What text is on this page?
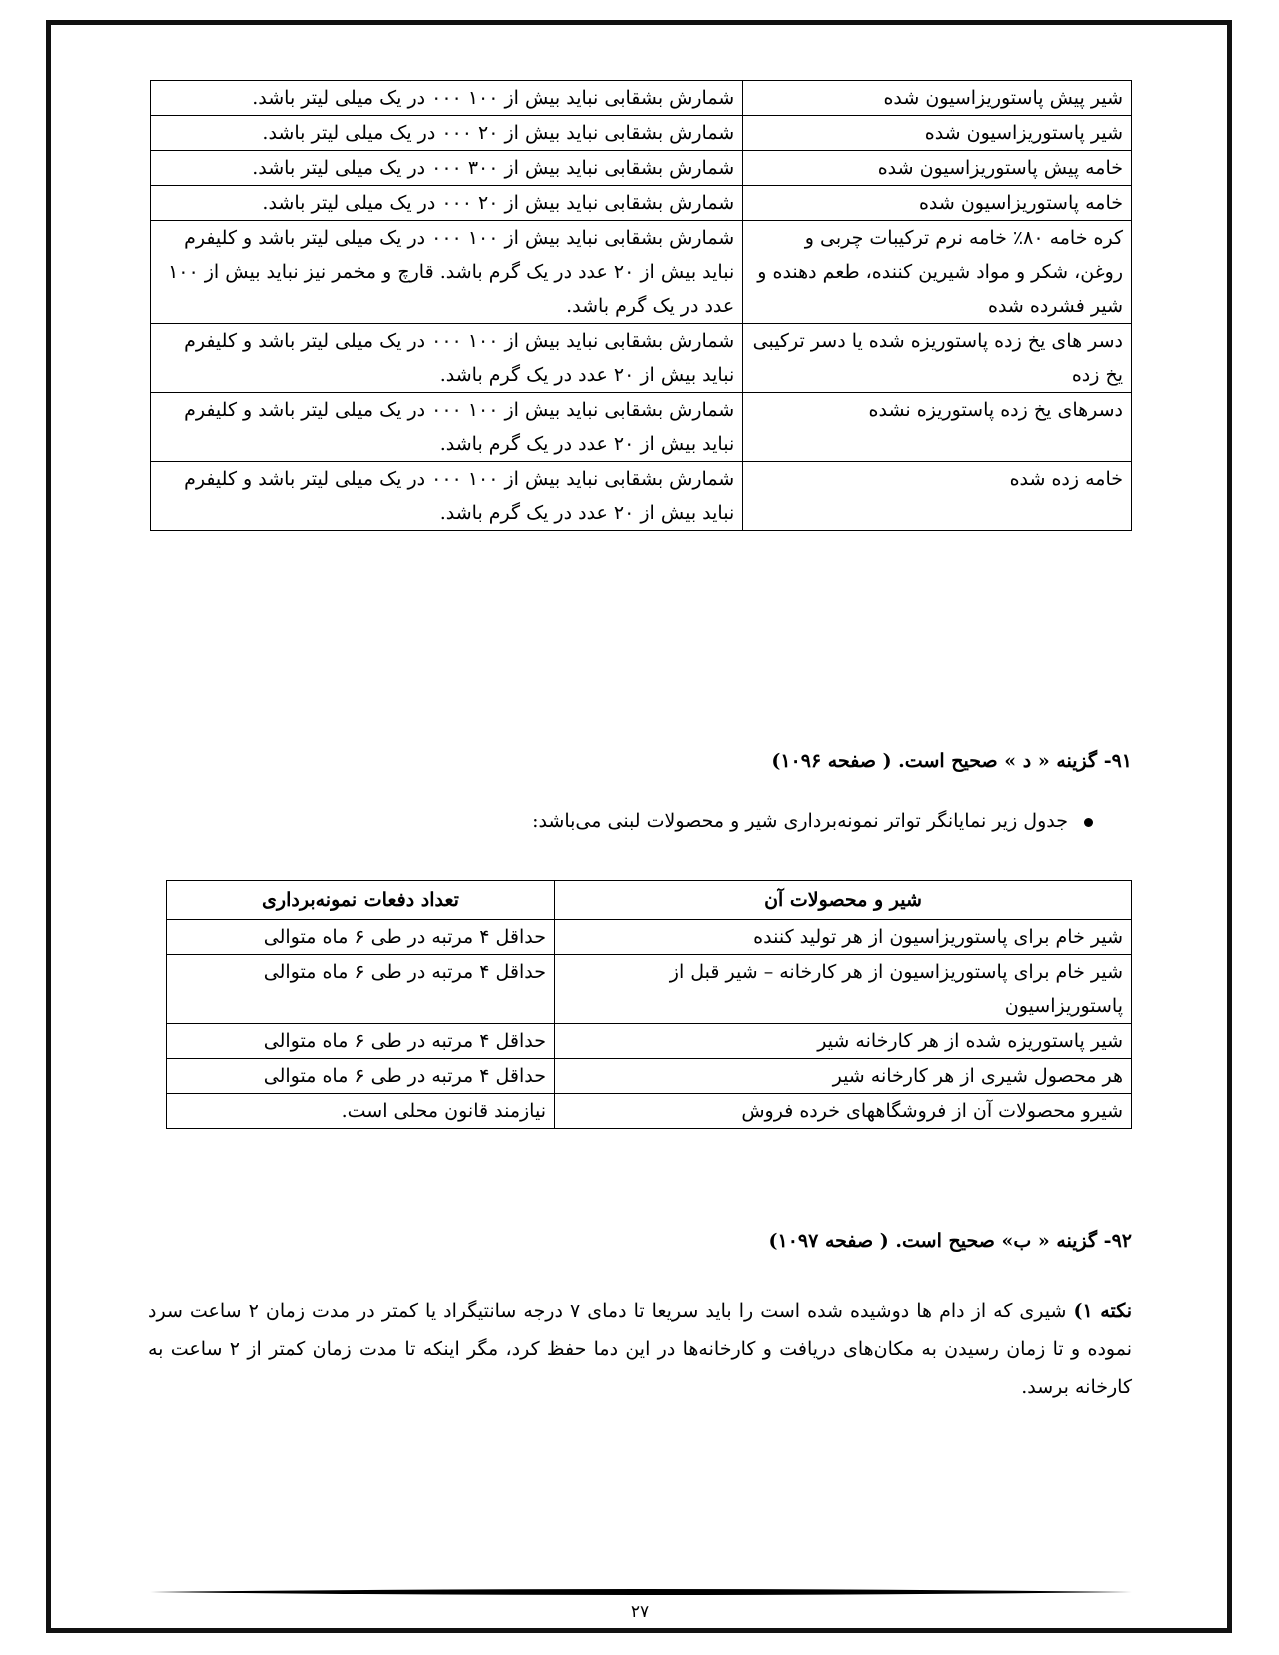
شیر پیش پاستوریزاسیون شده	شمارش بشقابی نباید بیش از ۱۰۰ ۰۰۰ در یک میلی لیتر باشد.
شیر پاستوریزاسیون شده	شمارش بشقابی نباید بیش از ۲۰ ۰۰۰ در یک میلی لیتر باشد.
خامه پیش پاستوریزاسیون شده	شمارش بشقابی نباید بیش از ۳۰۰ ۰۰۰ در یک میلی لیتر باشد.
خامه پاستوریزاسیون شده	شمارش بشقابی نباید بیش از ۲۰ ۰۰۰ در یک میلی لیتر باشد.
کره خامه ۸۰٪ خامه نرم ترکیبات چربی و روغن، شکر و مواد شیرین کننده، طعم دهنده و شیر فشرده شده	شمارش بشقابی نباید بیش از ۱۰۰ ۰۰۰ در یک میلی لیتر باشد و کلیفرم نباید بیش از ۲۰ عدد در یک گرم باشد. قارچ و مخمر نیز نباید بیش از ۱۰۰ عدد در یک گرم باشد.
دسر های یخ زده پاستوریزه شده یا دسر ترکیبی یخ زده	شمارش بشقابی نباید بیش از ۱۰۰ ۰۰۰ در یک میلی لیتر باشد و کلیفرم نباید بیش از ۲۰ عدد در یک گرم باشد.
دسرهای یخ زده پاستوریزه نشده	شمارش بشقابی نباید بیش از ۱۰۰ ۰۰۰ در یک میلی لیتر باشد و کلیفرم نباید بیش از ۲۰ عدد در یک گرم باشد.
خامه زده شده	شمارش بشقابی نباید بیش از ۱۰۰ ۰۰۰ در یک میلی لیتر باشد و کلیفرم نباید بیش از ۲۰ عدد در یک گرم باشد.
۹۱- گزینه « د » صحیح است. ( صفحه ۱۰۹۶)
جدول زیر نمایانگر تواتر نمونه‌برداری شیر و محصولات لبنی می‌باشد:
شیر و محصولات آن	تعداد دفعات نمونه‌برداری
شیر خام برای پاستوریزاسیون از هر تولید کننده	حداقل ۴ مرتبه در طی ۶ ماه متوالی
شیر خام برای پاستوریزاسیون از هر کارخانه – شیر قبل از پاستوریزاسیون	حداقل ۴ مرتبه در طی ۶ ماه متوالی
شیر پاستوریزه شده از هر کارخانه شیر	حداقل ۴ مرتبه در طی ۶ ماه متوالی
هر محصول شیری از هر کارخانه شیر	حداقل ۴ مرتبه در طی ۶ ماه متوالی
شیرو محصولات آن از فروشگاههای خرده فروش	نیازمند قانون محلی است.
۹۲- گزینه « ب» صحیح است. ( صفحه ۱۰۹۷)
نکته ۱) شیری که از دام ها دوشیده شده است را باید سریعا تا دمای ۷ درجه سانتیگراد یا کمتر در مدت زمان ۲ ساعت سرد نموده و تا زمان رسیدن به مکان‌های دریافت و کارخانه‌ها در این دما حفظ کرد، مگر اینکه تا مدت زمان کمتر از ۲ ساعت به کارخانه برسد.
۲۷
